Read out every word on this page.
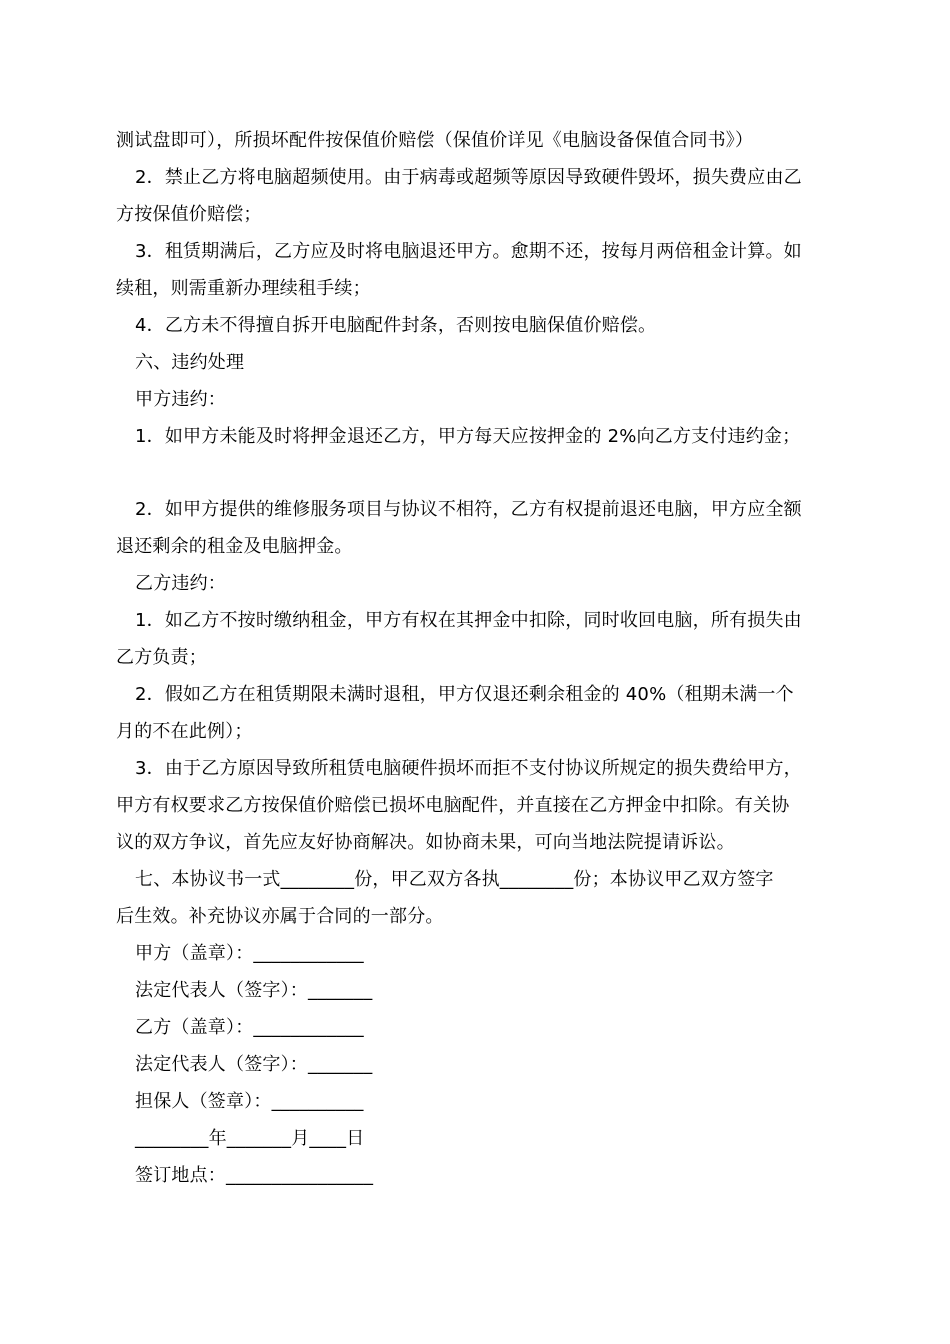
测试盘即可），所损坏配件按保值价赔偿（保值价详见《电脑设备保值合同书》）
2．禁止乙方将电脑超频使用。由于病毒或超频等原因导致硬件毁坏，损失费应由乙
方按保值价赔偿；
3．租赁期满后，乙方应及时将电脑退还甲方。愈期不还，按每月两倍租金计算。如
续租，则需重新办理续租手续；
4．乙方未不得擅自拆开电脑配件封条，否则按电脑保值价赔偿。
六、违约处理
甲方违约：
1．如甲方未能及时将押金退还乙方，甲方每天应按押金的 2%向乙方支付违约金；
2．如甲方提供的维修服务项目与协议不相符，乙方有权提前退还电脑，甲方应全额
退还剩余的租金及电脑押金。
乙方违约：
1．如乙方不按时缴纳租金，甲方有权在其押金中扣除，同时收回电脑，所有损失由
乙方负责；
2．假如乙方在租赁期限未满时退租，甲方仅退还剩余租金的 40%（租期未满一个
月的不在此例）；
3．由于乙方原因导致所租赁电脑硬件损坏而拒不支付协议所规定的损失费给甲方，
甲方有权要求乙方按保值价赔偿已损坏电脑配件，并直接在乙方押金中扣除。有关协
议的双方争议，首先应友好协商解决。如协商未果，可向当地法院提请诉讼。
七、本协议书一式________份，甲乙双方各执________份；本协议甲乙双方签字
后生效。补充协议亦属于合同的一部分。
甲方（盖章）：____________
法定代表人（签字）：_______
乙方（盖章）：____________
法定代表人（签字）：_______
担保人（签章）：__________
________年_______月____日
签订地点：________________
